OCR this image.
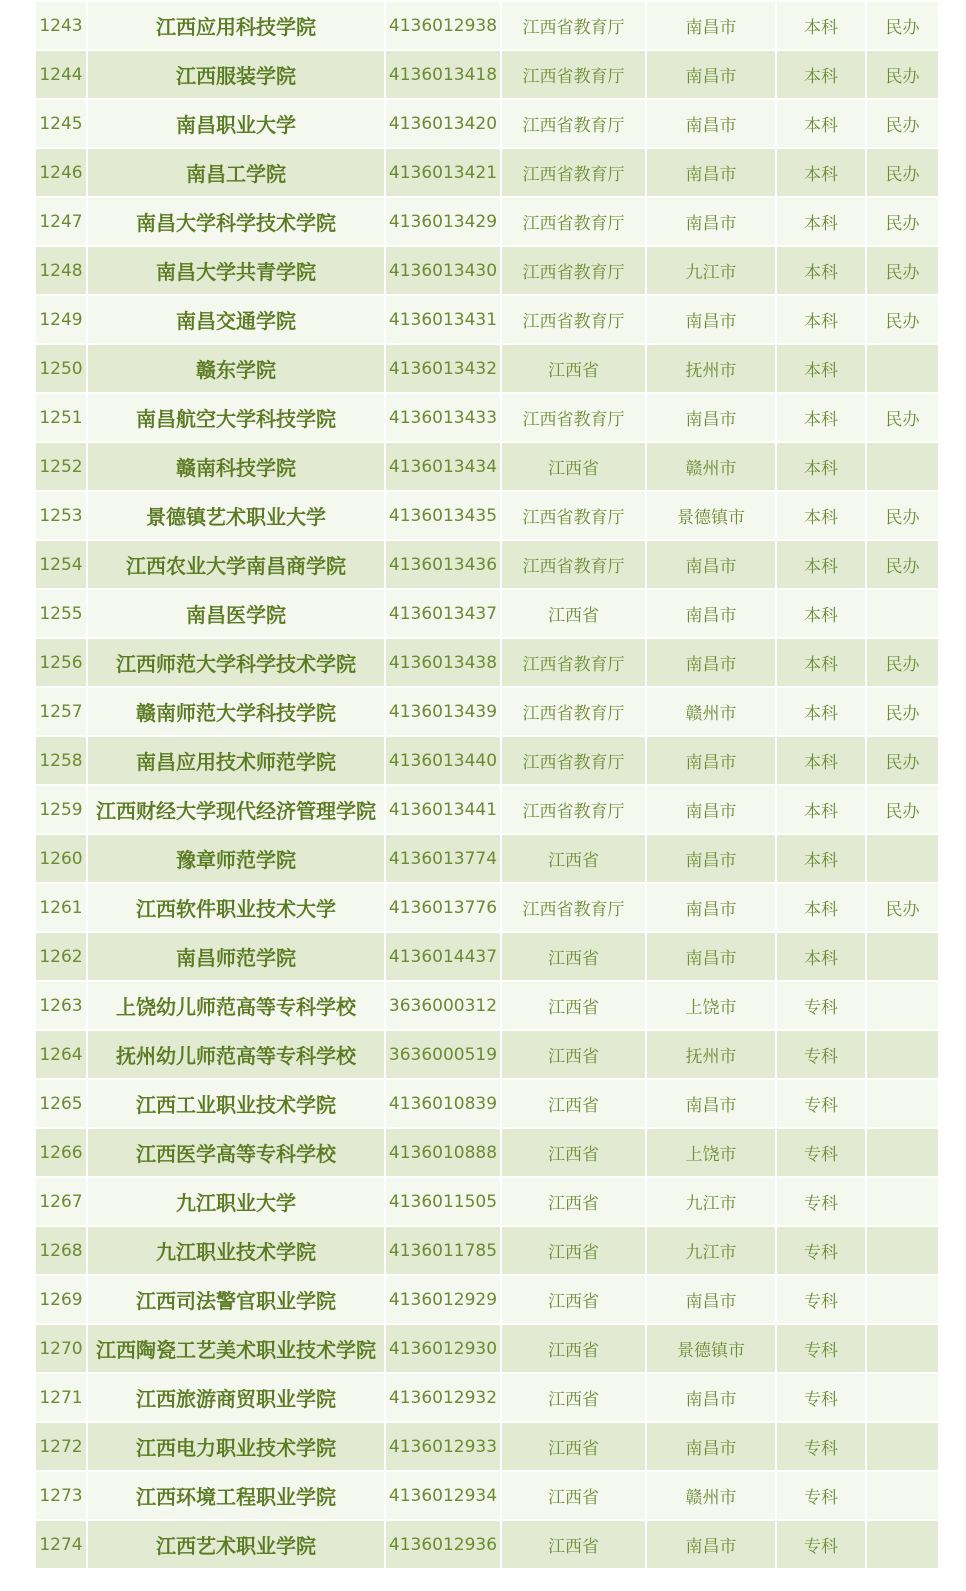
1243	江西应用科技学院	4136012938	江西省教育厅	南昌市	本科	民办
1244	江西服装学院	4136013418	江西省教育厅	南昌市	本科	民办
1245	南昌职业大学	4136013420	江西省教育厅	南昌市	本科	民办
1246	南昌工学院	4136013421	江西省教育厅	南昌市	本科	民办
1247	南昌大学科学技术学院	4136013429	江西省教育厅	南昌市	本科	民办
1248	南昌大学共青学院	4136013430	江西省教育厅	九江市	本科	民办
1249	南昌交通学院	4136013431	江西省教育厅	南昌市	本科	民办
1250	赣东学院	4136013432	江西省	抚州市	本科	
1251	南昌航空大学科技学院	4136013433	江西省教育厅	南昌市	本科	民办
1252	赣南科技学院	4136013434	江西省	赣州市	本科	
1253	景德镇艺术职业大学	4136013435	江西省教育厅	景德镇市	本科	民办
1254	江西农业大学南昌商学院	4136013436	江西省教育厅	南昌市	本科	民办
1255	南昌医学院	4136013437	江西省	南昌市	本科	
1256	江西师范大学科学技术学院	4136013438	江西省教育厅	南昌市	本科	民办
1257	赣南师范大学科技学院	4136013439	江西省教育厅	赣州市	本科	民办
1258	南昌应用技术师范学院	4136013440	江西省教育厅	南昌市	本科	民办
1259	江西财经大学现代经济管理学院	4136013441	江西省教育厅	南昌市	本科	民办
1260	豫章师范学院	4136013774	江西省	南昌市	本科	
1261	江西软件职业技术大学	4136013776	江西省教育厅	南昌市	本科	民办
1262	南昌师范学院	4136014437	江西省	南昌市	本科	
1263	上饶幼儿师范高等专科学校	3636000312	江西省	上饶市	专科	
1264	抚州幼儿师范高等专科学校	3636000519	江西省	抚州市	专科	
1265	江西工业职业技术学院	4136010839	江西省	南昌市	专科	
1266	江西医学高等专科学校	4136010888	江西省	上饶市	专科	
1267	九江职业大学	4136011505	江西省	九江市	专科	
1268	九江职业技术学院	4136011785	江西省	九江市	专科	
1269	江西司法警官职业学院	4136012929	江西省	南昌市	专科	
1270	江西陶瓷工艺美术职业技术学院	4136012930	江西省	景德镇市	专科	
1271	江西旅游商贸职业学院	4136012932	江西省	南昌市	专科	
1272	江西电力职业技术学院	4136012933	江西省	南昌市	专科	
1273	江西环境工程职业学院	4136012934	江西省	赣州市	专科	
1274	江西艺术职业学院	4136012936	江西省	南昌市	专科	
